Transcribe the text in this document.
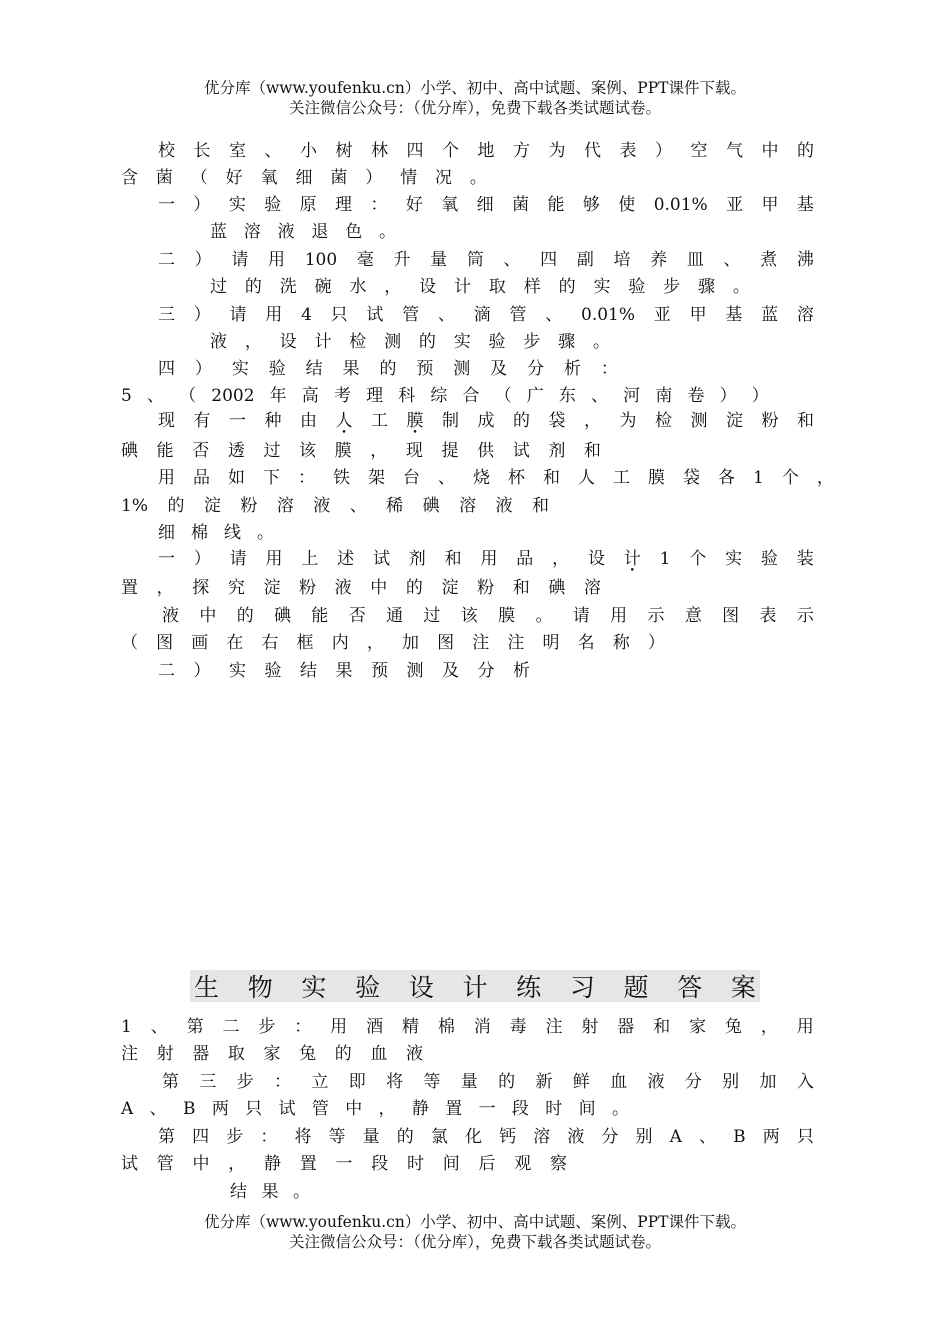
优分库（www.youfenku.cn）小学、初中、高中试题、案例、PPT课件下载。
关注微信公众号：（优分库），免费下载各类试题试卷。
校 长 室 、 小 树 林 四 个 地 方 为 代 表 ） 空 气 中 的
含 菌 （ 好 氧 细 菌 ） 情 况 。
一 ） 实 验 原 理 ： 好 氧 细 菌 能 够 使 0.01% 亚 甲 基
蓝 溶 液 退 色 。
二 ） 请 用 100 毫 升 量 筒 、 四 副 培 养 皿 、 煮 沸
过 的 洗 碗 水 ， 设 计 取 样 的 实 验 步 骤 。
三 ） 请 用 4 只 试 管 、 滴 管 、 0.01% 亚 甲 基 蓝 溶
液 ， 设 计 检 测 的 实 验 步 骤 。
四 ） 实 验 结 果 的 预 测 及 分 析 ：
5 、 （ 2002 年 高 考 理 科 综 合 （ 广 东 、 河 南 卷 ） ）
现 有 一 种 由 人 • 工 膜 • 制 成 的 袋 ， 为 检 测 淀 粉 和
碘 能 否 透 过 该 膜 ， 现 提 供 试 剂 和
用 品 如 下 ： 铁 架 台 、 烧 杯 和 人 工 膜 袋 各 1 个 ，
1% 的 淀 粉 溶 液 、 稀 碘 溶 液 和
细 棉 线 。
一 ） 请 用 上 述 试 剂 和 用 品 ， 设 计 • 1 个 实 验 装
置 ， 探 究 淀 粉 液 中 的 淀 粉 和 碘 溶
液 中 的 碘 能 否 通 过 该 膜 。 请 用 示 意 图 表 示
（ 图 画 在 右 框 内 ， 加 图 注 注 明 名 称 ）
二 ） 实 验 结 果 预 测 及 分 析
生 物 实 验 设 计 练 习 题 答 案
1 、 第 二 步 ： 用 酒 精 棉 消 毒 注 射 器 和 家 兔 ， 用
注 射 器 取 家 兔 的 血 液
第 三 步 ： 立 即 将 等 量 的 新 鲜 血 液 分 别 加 入
A 、 B 两 只 试 管 中 ， 静 置 一 段 时 间 。
第 四 步 ： 将 等 量 的 氯 化 钙 溶 液 分 别 A 、 B 两 只
试 管 中 ， 静 置 一 段 时 间 后 观 察
结 果 。
优分库（www.youfenku.cn）小学、初中、高中试题、案例、PPT课件下载。
关注微信公众号：（优分库），免费下载各类试题试卷。
